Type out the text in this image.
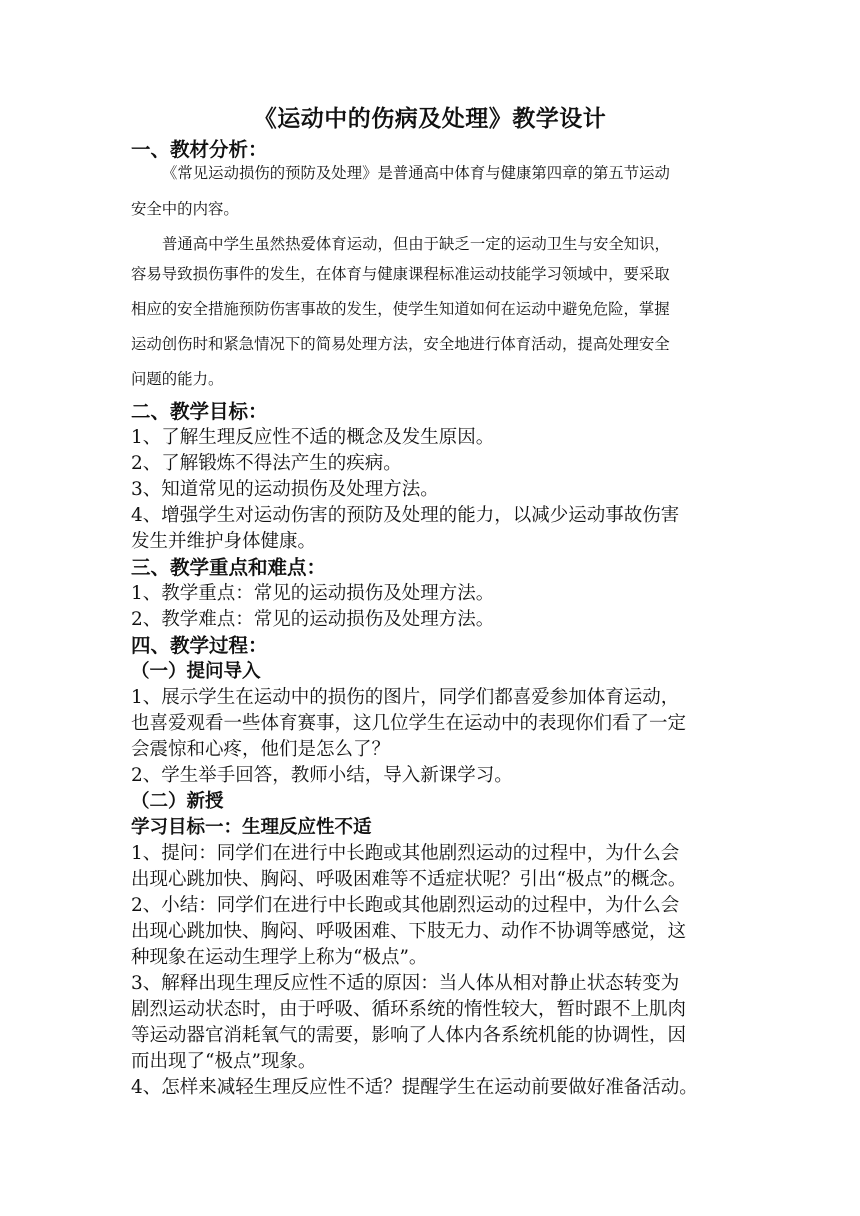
《运动中的伤病及处理》教学设计
一、教材分析：
《常见运动损伤的预防及处理》是普通高中体育与健康第四章的第五节运动
安全中的内容。
普通高中学生虽然热爱体育运动，但由于缺乏一定的运动卫生与安全知识，
容易导致损伤事件的发生，在体育与健康课程标准运动技能学习领域中，要采取
相应的安全措施预防伤害事故的发生，使学生知道如何在运动中避免危险，掌握
运动创伤时和紧急情况下的简易处理方法，安全地进行体育活动，提高处理安全
问题的能力。
二、教学目标：
1、了解生理反应性不适的概念及发生原因。
2、了解锻炼不得法产生的疾病。
3、知道常见的运动损伤及处理方法。
4、增强学生对运动伤害的预防及处理的能力，以减少运动事故伤害
发生并维护身体健康。
三、教学重点和难点：
1、教学重点：常见的运动损伤及处理方法。
2、教学难点：常见的运动损伤及处理方法。
四、教学过程：
（一）提问导入
1、展示学生在运动中的损伤的图片，同学们都喜爱参加体育运动，
也喜爱观看一些体育赛事，这几位学生在运动中的表现你们看了一定
会震惊和心疼，他们是怎么了？
2、学生举手回答，教师小结，导入新课学习。
（二）新授
学习目标一：生理反应性不适
1、提问：同学们在进行中长跑或其他剧烈运动的过程中，为什么会
出现心跳加快、胸闷、呼吸困难等不适症状呢？引出“极点”的概念。
2、小结：同学们在进行中长跑或其他剧烈运动的过程中，为什么会
出现心跳加快、胸闷、呼吸困难、下肢无力、动作不协调等感觉，这
种现象在运动生理学上称为“极点”。
3、解释出现生理反应性不适的原因：当人体从相对静止状态转变为
剧烈运动状态时，由于呼吸、循环系统的惰性较大，暂时跟不上肌肉
等运动器官消耗氧气的需要，影响了人体内各系统机能的协调性，因
而出现了“极点”现象。
4、怎样来减轻生理反应性不适？提醒学生在运动前要做好准备活动。
